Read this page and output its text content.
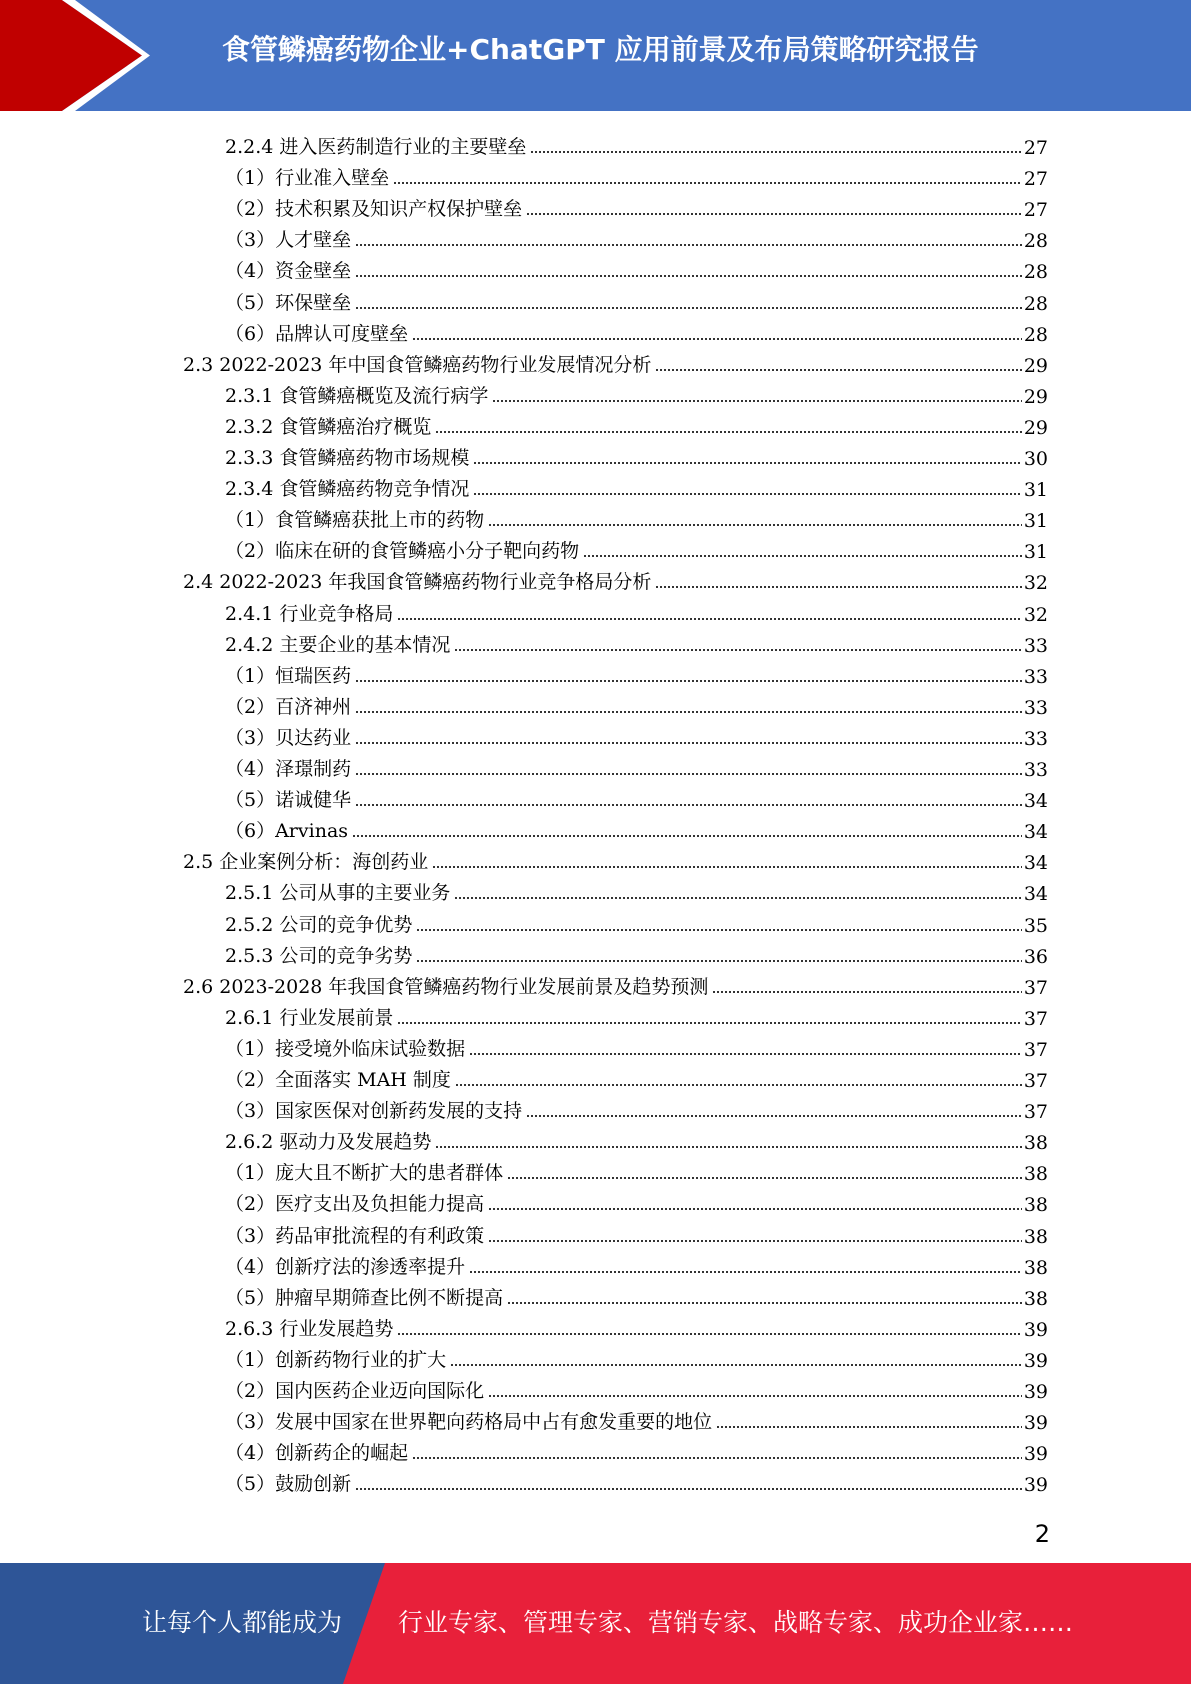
食管鳞癌药物企业+ChatGPT 应用前景及布局策略研究报告
2.2.4 进入医药制造行业的主要壁垒	27
（1）行业准入壁垒	27
（2）技术积累及知识产权保护壁垒	27
（3）人才壁垒	28
（4）资金壁垒	28
（5）环保壁垒	28
（6）品牌认可度壁垒	28
2.3 2022-2023 年中国食管鳞癌药物行业发展情况分析	29
2.3.1 食管鳞癌概览及流行病学	29
2.3.2 食管鳞癌治疗概览	29
2.3.3 食管鳞癌药物市场规模	30
2.3.4 食管鳞癌药物竞争情况	31
（1）食管鳞癌获批上市的药物	31
（2）临床在研的食管鳞癌小分子靶向药物	31
2.4 2022-2023 年我国食管鳞癌药物行业竞争格局分析	32
2.4.1 行业竞争格局	32
2.4.2 主要企业的基本情况	33
（1）恒瑞医药	33
（2）百济神州	33
（3）贝达药业	33
（4）泽璟制药	33
（5）诺诚健华	34
（6）Arvinas	34
2.5 企业案例分析：海创药业	34
2.5.1 公司从事的主要业务	34
2.5.2 公司的竞争优势	35
2.5.3 公司的竞争劣势	36
2.6 2023-2028 年我国食管鳞癌药物行业发展前景及趋势预测	37
2.6.1 行业发展前景	37
（1）接受境外临床试验数据	37
（2）全面落实 MAH 制度	37
（3）国家医保对创新药发展的支持	37
2.6.2 驱动力及发展趋势	38
（1）庞大且不断扩大的患者群体	38
（2）医疗支出及负担能力提高	38
（3）药品审批流程的有利政策	38
（4）创新疗法的渗透率提升	38
（5）肿瘤早期筛查比例不断提高	38
2.6.3 行业发展趋势	39
（1）创新药物行业的扩大	39
（2）国内医药企业迈向国际化	39
（3）发展中国家在世界靶向药格局中占有愈发重要的地位	39
（4）创新药企的崛起	39
（5）鼓励创新	39
2
让每个人都能成为 行业专家、管理专家、营销专家、战略专家、成功企业家……
